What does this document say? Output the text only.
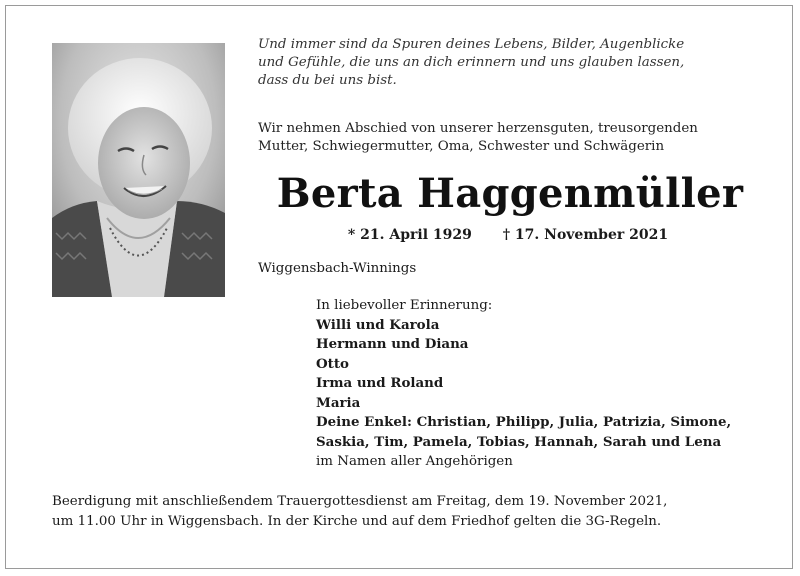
Und immer sind da Spuren deines Lebens, Bilder, Augenblicke
und Gefühle, die uns an dich erinnern und uns glauben lassen,
dass du bei uns bist.
Wir nehmen Abschied von unserer herzensguten, treusorgenden
Mutter, Schwiegermutter, Oma, Schwester und Schwägerin
Berta Haggenmüller
* 21. April 1929 † 17. November 2021
Wiggensbach-Winnings
In liebevoller Erinnerung:
Willi und Karola
Hermann und Diana
Otto
Irma und Roland
Maria
Deine Enkel: Christian, Philipp, Julia, Patrizia, Simone,
Saskia, Tim, Pamela, Tobias, Hannah, Sarah und Lena
im Namen aller Angehörigen
Beerdigung mit anschließendem Trauergottesdienst am Freitag, dem 19. November 2021,
um 11.00 Uhr in Wiggensbach. In der Kirche und auf dem Friedhof gelten die 3G-Regeln.
